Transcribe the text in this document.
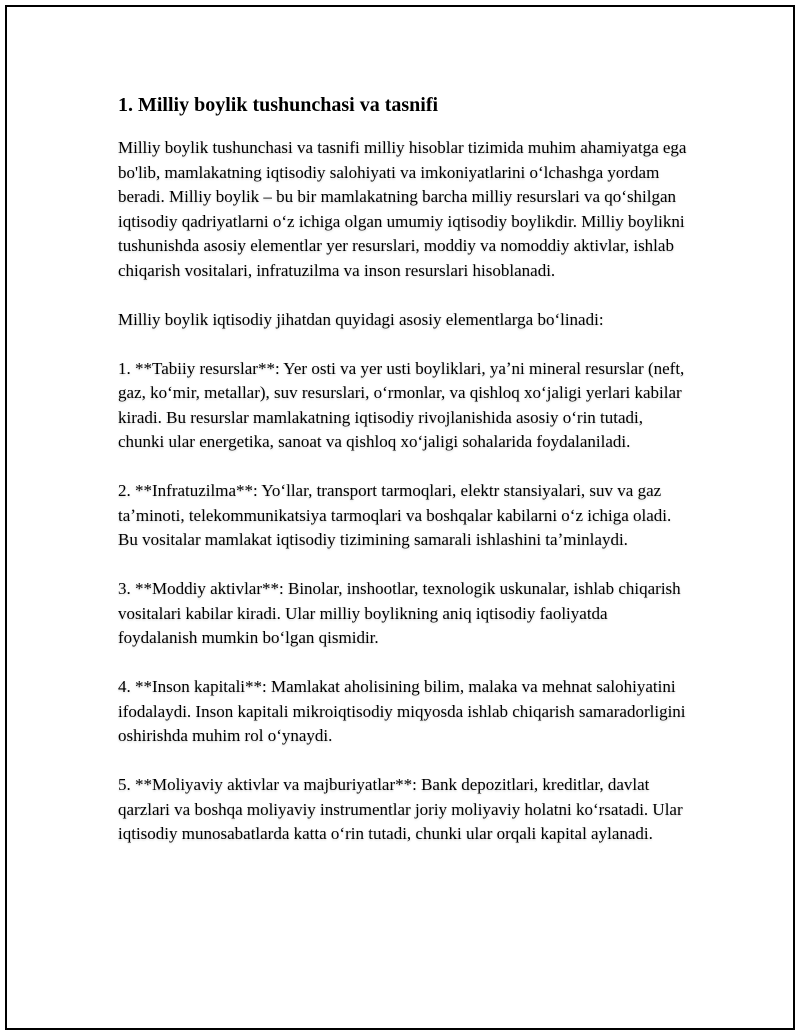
1. Milliy boylik tushunchasi va tasnifi

Milliy boylik tushunchasi va tasnifi milliy hisoblar tizimida muhim ahamiyatga ega bo'lib, mamlakatning iqtisodiy salohiyati va imkoniyatlarini oʻlchashga yordam beradi. Milliy boylik – bu bir mamlakatning barcha milliy resurslari va qoʻshilgan iqtisodiy qadriyatlarni oʻz ichiga olgan umumiy iqtisodiy boylikdir. Milliy boylikni tushunishda asosiy elementlar yer resurslari, moddiy va nomoddiy aktivlar, ishlab chiqarish vositalari, infratuzilma va inson resurslari hisoblanadi.

Milliy boylik iqtisodiy jihatdan quyidagi asosiy elementlarga boʻlinadi:

1. **Tabiiy resurslar**: Yer osti va yer usti boyliklari, yaʼni mineral resurslar (neft, gaz, koʻmir, metallar), suv resurslari, oʻrmonlar, va qishloq xoʻjaligi yerlari kabilar kiradi. Bu resurslar mamlakatning iqtisodiy rivojlanishida asosiy oʻrin tutadi, chunki ular energetika, sanoat va qishloq xoʻjaligi sohalarida foydalaniladi.

2. **Infratuzilma**: Yoʻllar, transport tarmoqlari, elektr stansiyalari, suv va gaz taʼminoti, telekommunikatsiya tarmoqlari va boshqalar kabilarni oʻz ichiga oladi. Bu vositalar mamlakat iqtisodiy tizimining samarali ishlashini taʼminlaydi.

3. **Moddiy aktivlar**: Binolar, inshootlar, texnologik uskunalar, ishlab chiqarish vositalari kabilar kiradi. Ular milliy boylikning aniq iqtisodiy faoliyatda foydalanish mumkin boʻlgan qismidir.

4. **Inson kapitali**: Mamlakat aholisining bilim, malaka va mehnat salohiyatini ifodalaydi. Inson kapitali mikroiqtisodiy miqyosda ishlab chiqarish samaradorligini oshirishda muhim rol oʻynaydi.

5. **Moliyaviy aktivlar va majburiyatlar**: Bank depozitlari, kreditlar, davlat qarzlari va boshqa moliyaviy instrumentlar joriy moliyaviy holatni koʻrsatadi. Ular iqtisodiy munosabatlarda katta oʻrin tutadi, chunki ular orqali kapital aylanadi.
